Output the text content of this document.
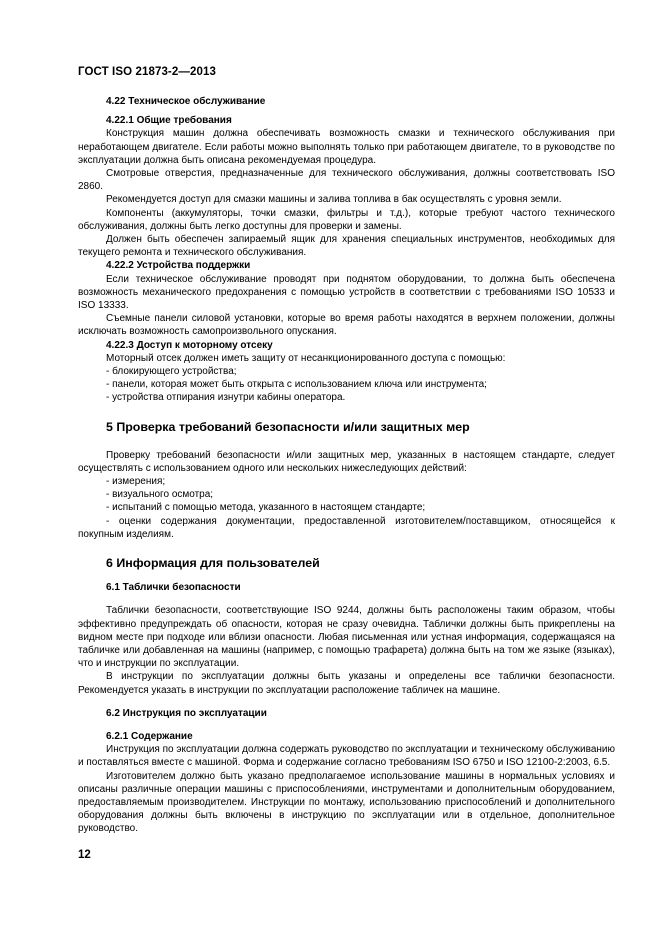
ГОСТ ISO 21873-2—2013

4.22 Техническое обслуживание

4.22.1 Общие требования

Конструкция машин должна обеспечивать возможность смазки и технического обслуживания при неработающем двигателе. Если работы можно выполнять только при работающем двигателе, то в руководстве по эксплуатации должна быть описана рекомендуемая процедура.

Смотровые отверстия, предназначенные для технического обслуживания, должны соответствовать ISO 2860.

Рекомендуется доступ для смазки машины и залива топлива в бак осуществлять с уровня земли.

Компоненты (аккумуляторы, точки смазки, фильтры и т.д.), которые требуют частого технического обслуживания, должны быть легко доступны для проверки и замены.

Должен быть обеспечен запираемый ящик для хранения специальных инструментов, необходимых для текущего ремонта и технического обслуживания.

4.22.2 Устройства поддержки

Если техническое обслуживание проводят при поднятом оборудовании, то должна быть обеспечена возможность механического предохранения с помощью устройств в соответствии с требованиями ISO 10533 и ISO 13333.

Съемные панели силовой установки, которые во время работы находятся в верхнем положении, должны исключать возможность самопроизвольного опускания.

4.22.3 Доступ к моторному отсеку

Моторный отсек должен иметь защиту от несанкционированного доступа с помощью:

- блокирующего устройства;

- панели, которая может быть открыта с использованием ключа или инструмента;

- устройства отпирания изнутри кабины оператора.

5 Проверка требований безопасности и/или защитных мер

Проверку требований безопасности и/или защитных мер, указанных в настоящем стандарте, следует осуществлять с использованием одного или нескольких нижеследующих действий:

- измерения;

- визуального осмотра;

- испытаний с помощью метода, указанного в настоящем стандарте;

- оценки содержания документации, предоставленной изготовителем/поставщиком, относящейся к покупным изделиям.

6 Информация для пользователей

6.1 Таблички безопасности

Таблички безопасности, соответствующие ISO 9244, должны быть расположены таким образом, чтобы эффективно предупреждать об опасности, которая не сразу очевидна. Таблички должны быть прикреплены на видном месте при подходе или вблизи опасности. Любая письменная или устная информация, содержащаяся на табличке или добавленная на машины (например, с помощью трафарета) должна быть на том же языке (языках), что и инструкции по эксплуатации.

В инструкции по эксплуатации должны быть указаны и определены все таблички безопасности. Рекомендуется указать в инструкции по эксплуатации расположение табличек на машине.

6.2 Инструкция по эксплуатации

6.2.1 Содержание

Инструкция по эксплуатации должна содержать руководство по эксплуатации и техническому обслуживанию и поставляться вместе с машиной. Форма и содержание согласно требованиям ISO 6750 и ISO 12100-2:2003, 6.5.

Изготовителем должно быть указано предполагаемое использование машины в нормальных условиях и описаны различные операции машины с приспособлениями, инструментами и дополнительным оборудованием, предоставляемым производителем. Инструкции по монтажу, использованию приспособлений и дополнительного оборудования должны быть включены в инструкцию по эксплуатации или в отдельное, дополнительное руководство.

12
